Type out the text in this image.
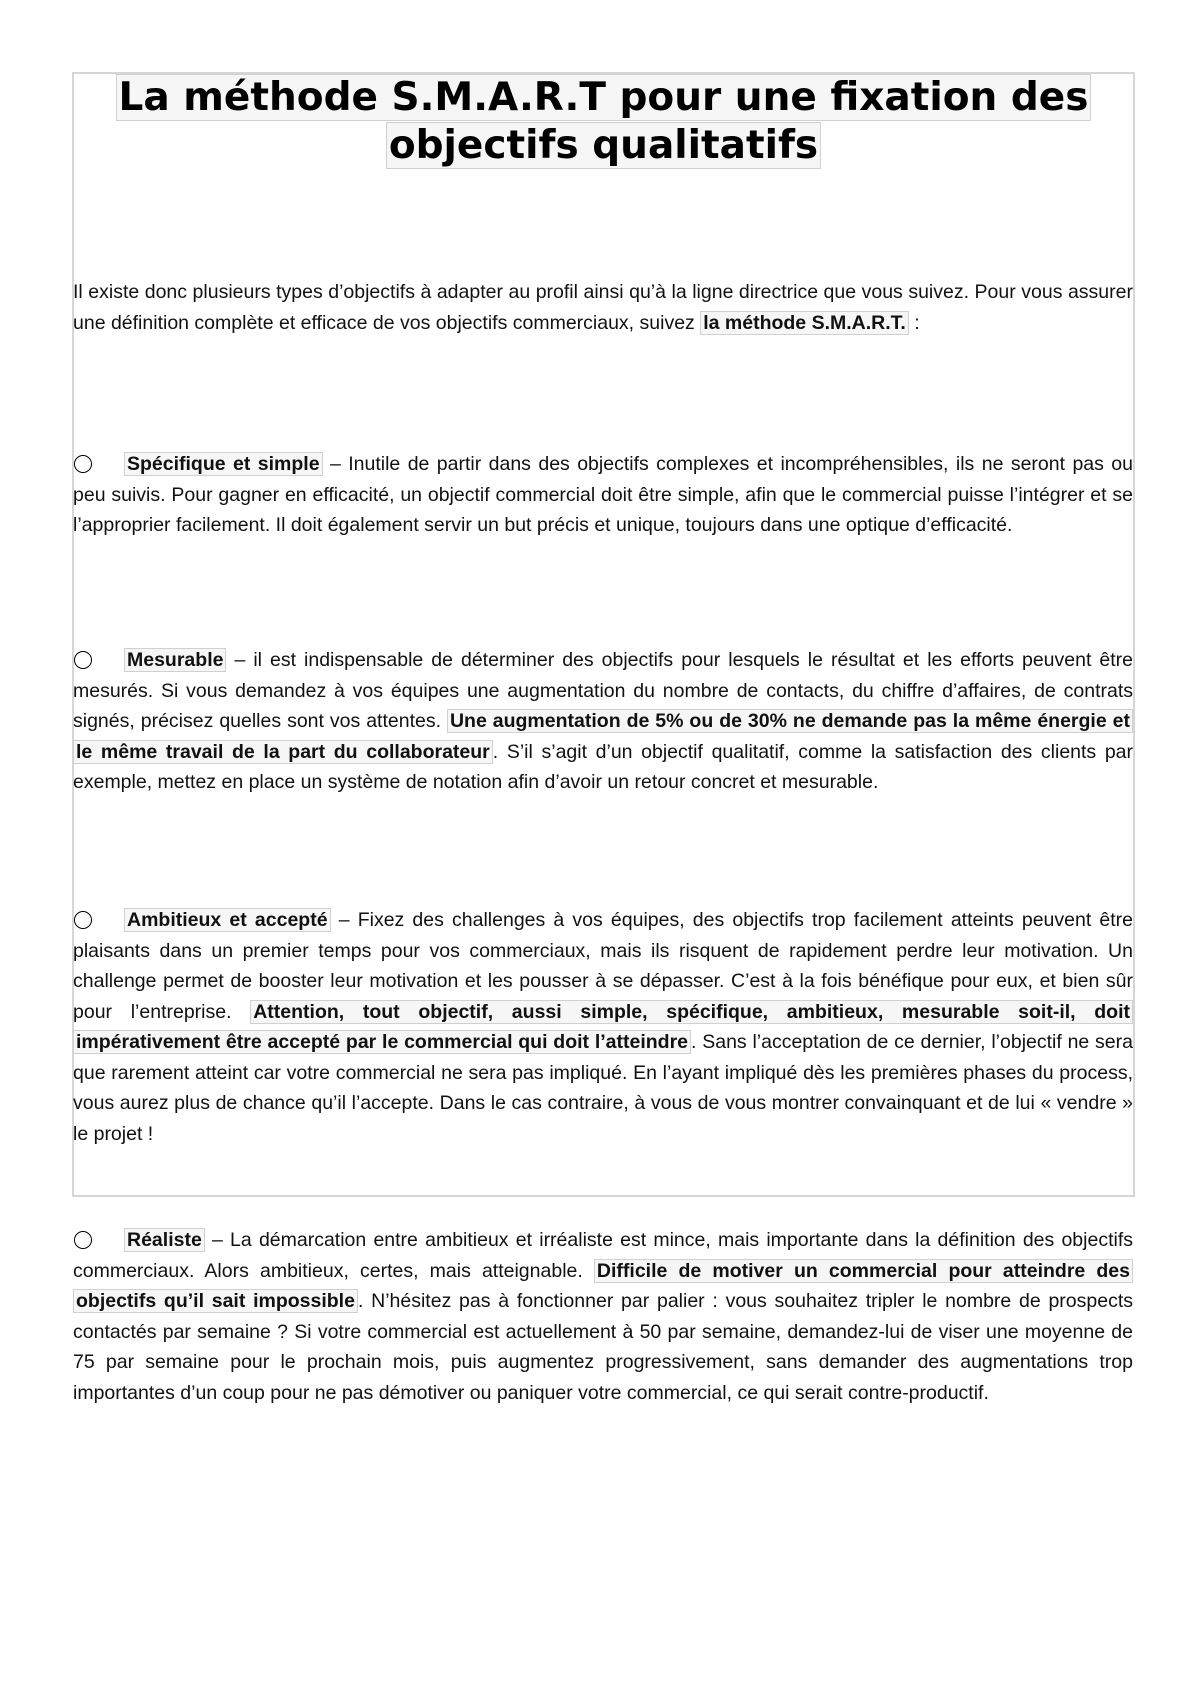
La méthode S.M.A.R.T pour une fixation des
objectifs qualitatifs

Il existe donc plusieurs types d’objectifs à adapter au profil ainsi qu’à la ligne directrice que vous suivez. Pour vous assurer une définition complète et efficace de vos objectifs commerciaux, suivez la méthode S.M.A.R.T. :

Spécifique et simple – Inutile de partir dans des objectifs complexes et incompréhensibles, ils ne seront pas ou peu suivis. Pour gagner en efficacité, un objectif commercial doit être simple, afin que le commercial puisse l’intégrer et se l’approprier facilement. Il doit également servir un but précis et unique, toujours dans une optique d’efficacité.

Mesurable – il est indispensable de déterminer des objectifs pour lesquels le résultat et les efforts peuvent être mesurés. Si vous demandez à vos équipes une augmentation du nombre de contacts, du chiffre d’affaires, de contrats signés, précisez quelles sont vos attentes. Une augmentation de 5% ou de 30% ne demande pas la même énergie et le même travail de la part du collaborateur . S’il s’agit d’un objectif qualitatif, comme la satisfaction des clients par exemple, mettez en place un système de notation afin d’avoir un retour concret et mesurable.

Ambitieux et accepté – Fixez des challenges à vos équipes, des objectifs trop facilement atteints peuvent être plaisants dans un premier temps pour vos commerciaux, mais ils risquent de rapidement perdre leur motivation. Un challenge permet de booster leur motivation et les pousser à se dépasser. C’est à la fois bénéfique pour eux, et bien sûr pour l’entreprise. Attention, tout objectif, aussi simple, spécifique, ambitieux, mesurable soit-il, doit impérativement être accepté par le commercial qui doit l’atteindre . Sans l’acceptation de ce dernier, l’objectif ne sera que rarement atteint car votre commercial ne sera pas impliqué. En l’ayant impliqué dès les premières phases du process, vous aurez plus de chance qu’il l’accepte. Dans le cas contraire, à vous de vous montrer convainquant et de lui « vendre » le projet !

Réaliste – La démarcation entre ambitieux et irréaliste est mince, mais importante dans la définition des objectifs commerciaux. Alors ambitieux, certes, mais atteignable. Difficile de motiver un commercial pour atteindre des objectifs qu’il sait impossible . N’hésitez pas à fonctionner par palier : vous souhaitez tripler le nombre de prospects contactés par semaine ? Si votre commercial est actuellement à 50 par semaine, demandez-lui de viser une moyenne de 75 par semaine pour le prochain mois, puis augmentez progressivement, sans demander des augmentations trop importantes d’un coup pour ne pas démotiver ou paniquer votre commercial, ce qui serait contre-productif.
